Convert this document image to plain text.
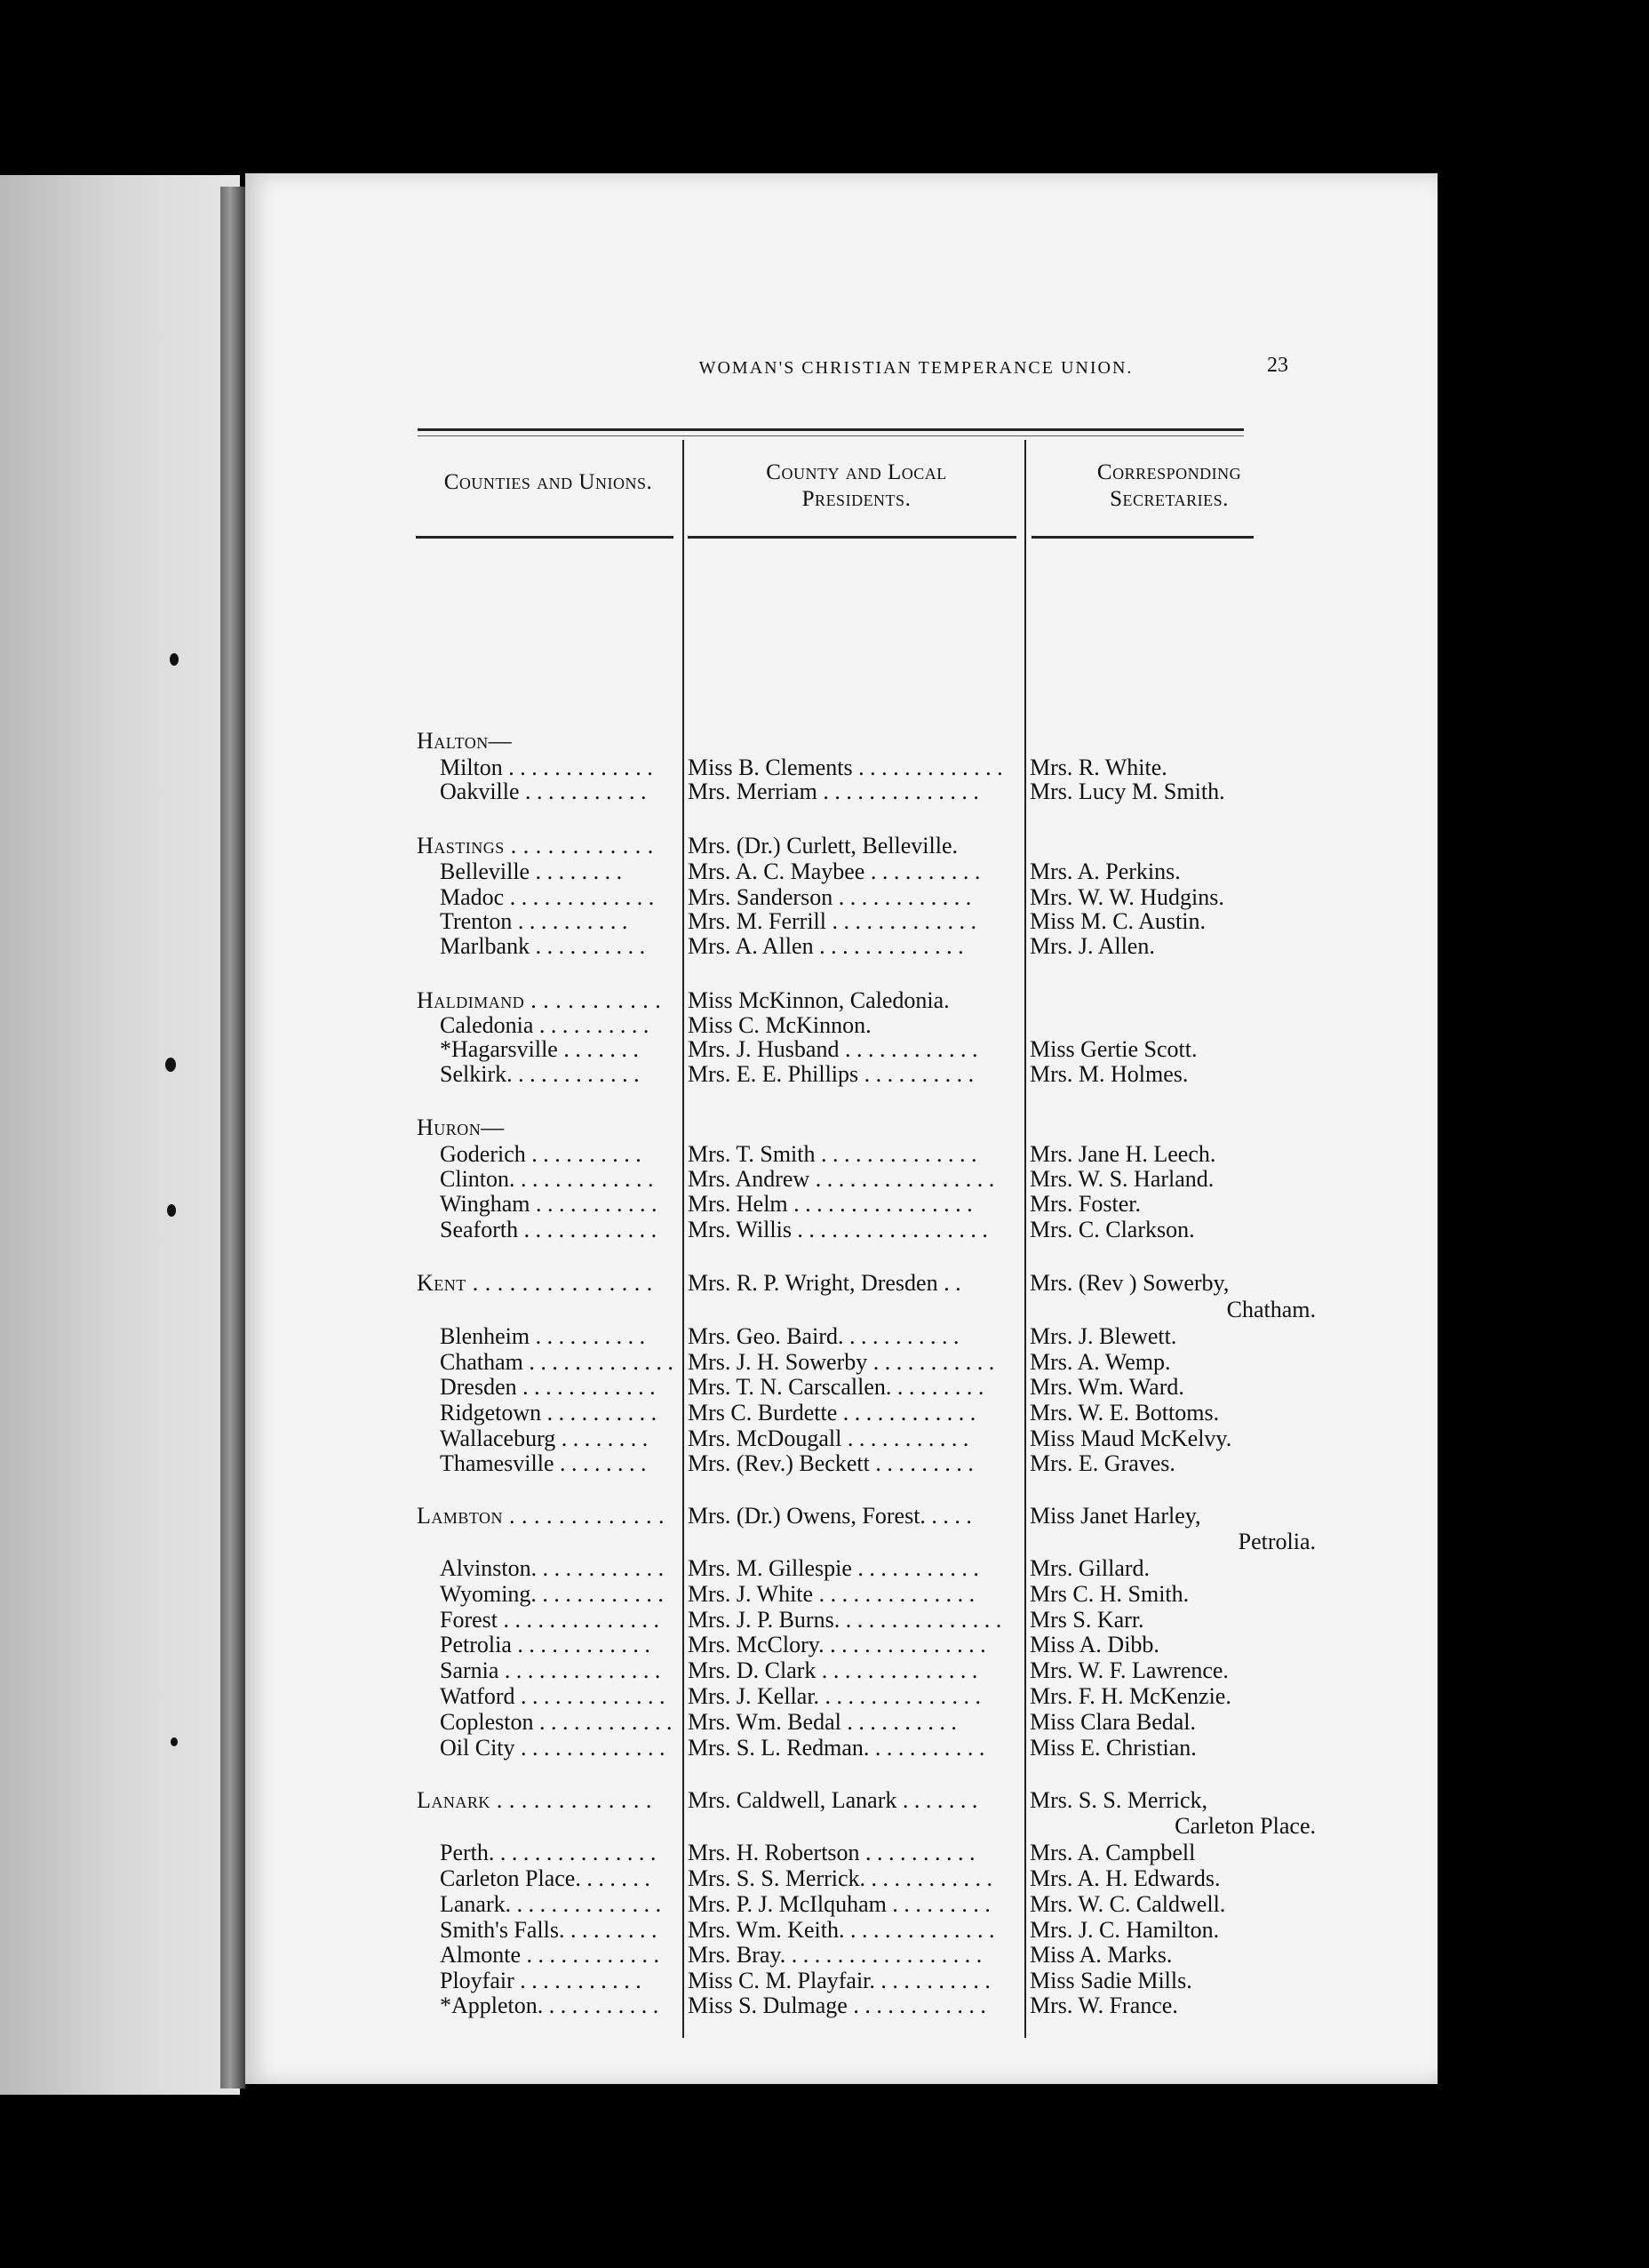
WOMAN'S CHRISTIAN TEMPERANCE UNION.	23
Counties and Unions.	County and Local
Presidents.
Corresponding
Secretaries.
Halton—
Milton . . . . . . . . . . . . .	Miss B. Clements . . . . . . . . . . . . .	Mrs. R. White.
Oakville . . . . . . . . . . .	Mrs. Merriam . . . . . . . . . . . . . .	Mrs. Lucy M. Smith.
Hastings . . . . . . . . . . . .	Mrs. (Dr.) Curlett, Belleville.
Belleville . . . . . . . .	Mrs. A. C. Maybee . . . . . . . . . .	Mrs. A. Perkins.
Madoc . . . . . . . . . . . . .	Mrs. Sanderson . . . . . . . . . . . .	Mrs. W. W. Hudgins.
Trenton . . . . . . . . . .	Mrs. M. Ferrill . . . . . . . . . . . . .	Miss M. C. Austin.
Marlbank . . . . . . . . . .	Mrs. A. Allen . . . . . . . . . . . . .	Mrs. J. Allen.
Haldimand . . . . . . . . . . .	Miss McKinnon, Caledonia.
Caledonia . . . . . . . . . .	Miss C. McKinnon.
*Hagarsville . . . . . . .	Mrs. J. Husband . . . . . . . . . . . .	Miss Gertie Scott.
Selkirk. . . . . . . . . . . .	Mrs. E. E. Phillips . . . . . . . . . .	Mrs. M. Holmes.
Huron—
Goderich . . . . . . . . . .	Mrs. T. Smith . . . . . . . . . . . . . .	Mrs. Jane H. Leech.
Clinton. . . . . . . . . . . . .	Mrs. Andrew . . . . . . . . . . . . . . . .	Mrs. W. S. Harland.
Wingham . . . . . . . . . . .	Mrs. Helm . . . . . . . . . . . . . . . .	Mrs. Foster.
Seaforth . . . . . . . . . . . .	Mrs. Willis . . . . . . . . . . . . . . . . .	Mrs. C. Clarkson.
Kent . . . . . . . . . . . . . . .	Mrs. R. P. Wright, Dresden . .	Mrs. (Rev ) Sowerby,
Chatham.
Blenheim . . . . . . . . . .	Mrs. Geo. Baird. . . . . . . . . . .	Mrs. J. Blewett.
Chatham . . . . . . . . . . . . . Mrs. J. H. Sowerby . . . . . . . . . . .	Mrs. A. Wemp.
Dresden . . . . . . . . . . . .	Mrs. T. N. Carscallen. . . . . . . . .	Mrs. Wm. Ward.
Ridgetown . . . . . . . . . .	Mrs C. Burdette . . . . . . . . . . . .	Mrs. W. E. Bottoms.
Wallaceburg . . . . . . . .	Mrs. McDougall . . . . . . . . . . .	Miss Maud McKelvy.
Thamesville . . . . . . . .	Mrs. (Rev.) Beckett . . . . . . . . .	Mrs. E. Graves.
Lambton . . . . . . . . . . . . . Mrs. (Dr.) Owens, Forest. . . . .	Miss Janet Harley,
Petrolia.
Alvinston. . . . . . . . . . . .	Mrs. M. Gillespie . . . . . . . . . . .	Mrs. Gillard.
Wyoming. . . . . . . . . . . .	Mrs. J. White . . . . . . . . . . . . . .	Mrs C. H. Smith.
Forest . . . . . . . . . . . . . .	Mrs. J. P. Burns. . . . . . . . . . . . . . .	Mrs S. Karr.
Petrolia . . . . . . . . . . . .	Mrs. McClory. . . . . . . . . . . . . . .	Miss A. Dibb.
Sarnia . . . . . . . . . . . . . .	Mrs. D. Clark . . . . . . . . . . . . . .	Mrs. W. F. Lawrence.
Watford . . . . . . . . . . . . . Mrs. J. Kellar. . . . . . . . . . . . . . .	Mrs. F. H. McKenzie.
Copleston . . . . . . . . . . . . Mrs. Wm. Bedal . . . . . . . . . .	Miss Clara Bedal.
Oil City . . . . . . . . . . . . . Mrs. S. L. Redman. . . . . . . . . . .	Miss E. Christian.
Lanark . . . . . . . . . . . . .	Mrs. Caldwell, Lanark . . . . . . .	Mrs. S. S. Merrick,
Carleton Place.
Perth. . . . . . . . . . . . . . .	Mrs. H. Robertson . . . . . . . . . .	Mrs. A. Campbell
Carleton Place. . . . . . .	Mrs. S. S. Merrick. . . . . . . . . . . .	Mrs. A. H. Edwards.
Lanark. . . . . . . . . . . . . .	Mrs. P. J. McIlquham . . . . . . . . .	Mrs. W. C. Caldwell.
Smith's Falls. . . . . . . . .	Mrs. Wm. Keith. . . . . . . . . . . . . .	Mrs. J. C. Hamilton.
Almonte . . . . . . . . . . . .	Mrs. Bray. . . . . . . . . . . . . . . . . .	Miss A. Marks.
Ployfair . . . . . . . . . . .	Miss C. M. Playfair. . . . . . . . . . .	Miss Sadie Mills.
*Appleton. . . . . . . . . . .	Miss S. Dulmage . . . . . . . . . . . .	Mrs. W. France.
